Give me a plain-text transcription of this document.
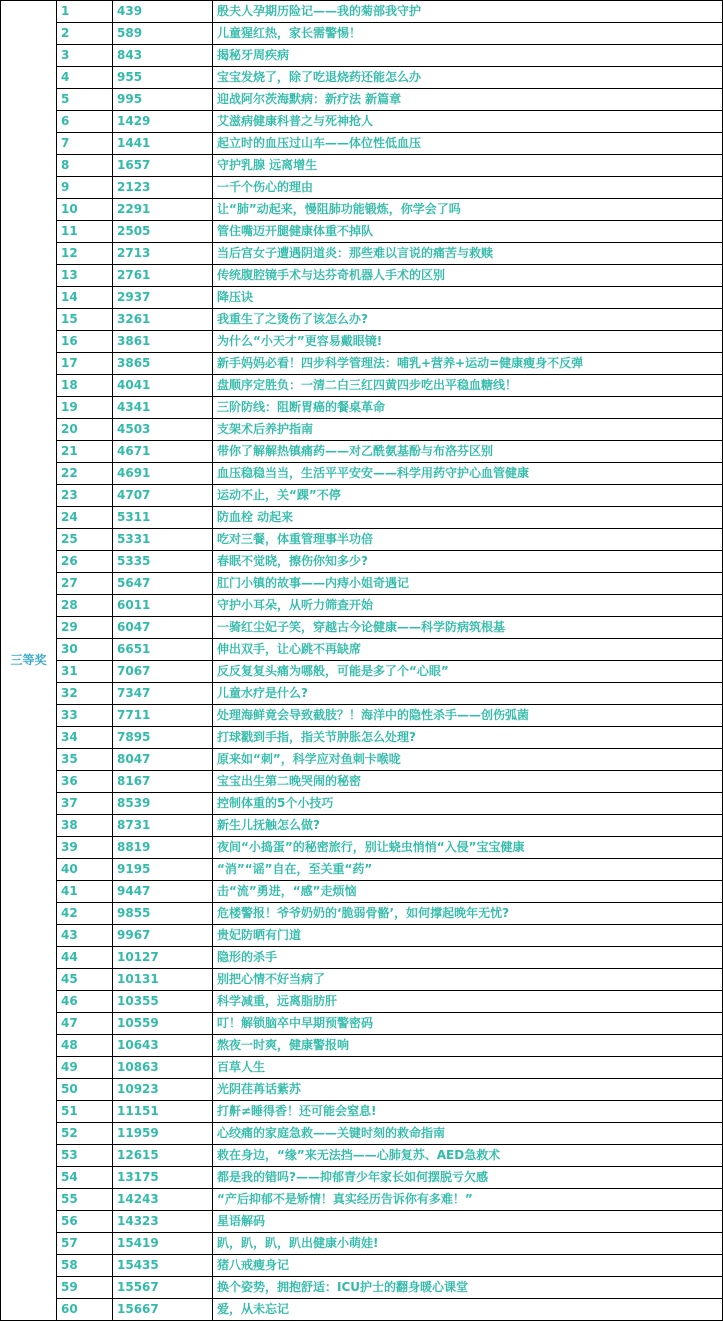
三等奖	1	439	殷夫人孕期历险记——我的菊部我守护
	2	589	儿童猩红热，家长需警惕！
	3	843	揭秘牙周疾病
	4	955	宝宝发烧了，除了吃退烧药还能怎么办
	5	995	迎战阿尔茨海默病：新疗法 新篇章
	6	1429	艾滋病健康科普之与死神抢人
	7	1441	起立时的血压过山车——体位性低血压
	8	1657	守护乳腺 远离增生
	9	2123	一千个伤心的理由
	10	2291	让“肺”动起来，慢阻肺功能锻炼，你学会了吗
	11	2505	管住嘴迈开腿健康体重不掉队
	12	2713	当后宫女子遭遇阴道炎：那些难以言说的痛苦与救赎
	13	2761	传统腹腔镜手术与达芬奇机器人手术的区别
	14	2937	降压诀
	15	3261	我重生了之烫伤了该怎么办?
	16	3861	为什么“小天才”更容易戴眼镜!
	17	3865	新手妈妈必看！四步科学管理法：哺乳+营养+运动=健康瘦身不反弹
	18	4041	盘顺序定胜负：一清二白三红四黄四步吃出平稳血糖线！
	19	4341	三阶防线：阻断胃癌的餐桌革命
	20	4503	支架术后养护指南
	21	4671	带你了解解热镇痛药——对乙酰氨基酚与布洛芬区别
	22	4691	血压稳稳当当，生活平平安安——科学用药守护心血管健康
	23	4707	运动不止，关“踝”不停
	24	5311	防血栓 动起来
	25	5331	吃对三餐，体重管理事半功倍
	26	5335	春眠不觉晓，擦伤你知多少?
	27	5647	肛门小镇的故事——内痔小姐奇遇记
	28	6011	守护小耳朵，从听力筛查开始
	29	6047	一骑红尘妃子笑，穿越古今论健康——科学防病筑根基
	30	6651	伸出双手，让心跳不再缺席
	31	7067	反反复复头痛为哪般，可能是多了个“心眼”
	32	7347	儿童水疗是什么?
	33	7711	处理海鲜竟会导致截肢？！海洋中的隐性杀手——创伤弧菌
	34	7895	打球戳到手指，指关节肿胀怎么处理?
	35	8047	原来如“刺”，科学应对鱼刺卡喉咙
	36	8167	宝宝出生第二晚哭闹的秘密
	37	8539	控制体重的5个小技巧
	38	8731	新生儿抚触怎么做?
	39	8819	夜间“小捣蛋”的秘密旅行，别让蛲虫悄悄“入侵”宝宝健康
	40	9195	“消”“谣”自在，至关重“药”
	41	9447	击“流”勇进，“感”走烦恼
	42	9855	危楼警报！爷爷奶奶的‘脆弱骨骼’，如何撑起晚年无忧?
	43	9967	贵妃防晒有门道
	44	10127	隐形的杀手
	45	10131	别把心情不好当病了
	46	10355	科学减重，远离脂肪肝
	47	10559	叮！解锁脑卒中早期预警密码
	48	10643	熬夜一时爽，健康警报响
	49	10863	百草人生
	50	10923	光阴荏苒话紫苏
	51	11151	打鼾≠睡得香！还可能会窒息!
	52	11959	心绞痛的家庭急救——关键时刻的救命指南
	53	12615	救在身边，“缘”来无法挡——心肺复苏、AED急救术
	54	13175	都是我的错吗?——抑郁青少年家长如何摆脱亏欠感
	55	14243	“产后抑郁不是矫情！真实经历告诉你有多难！”
	56	14323	星语解码
	57	15419	趴，趴，趴，趴出健康小萌娃!
	58	15435	猪八戒瘦身记
	59	15567	换个姿势，拥抱舒适：ICU护士的翻身暖心课堂
	60	15667	爱，从未忘记
